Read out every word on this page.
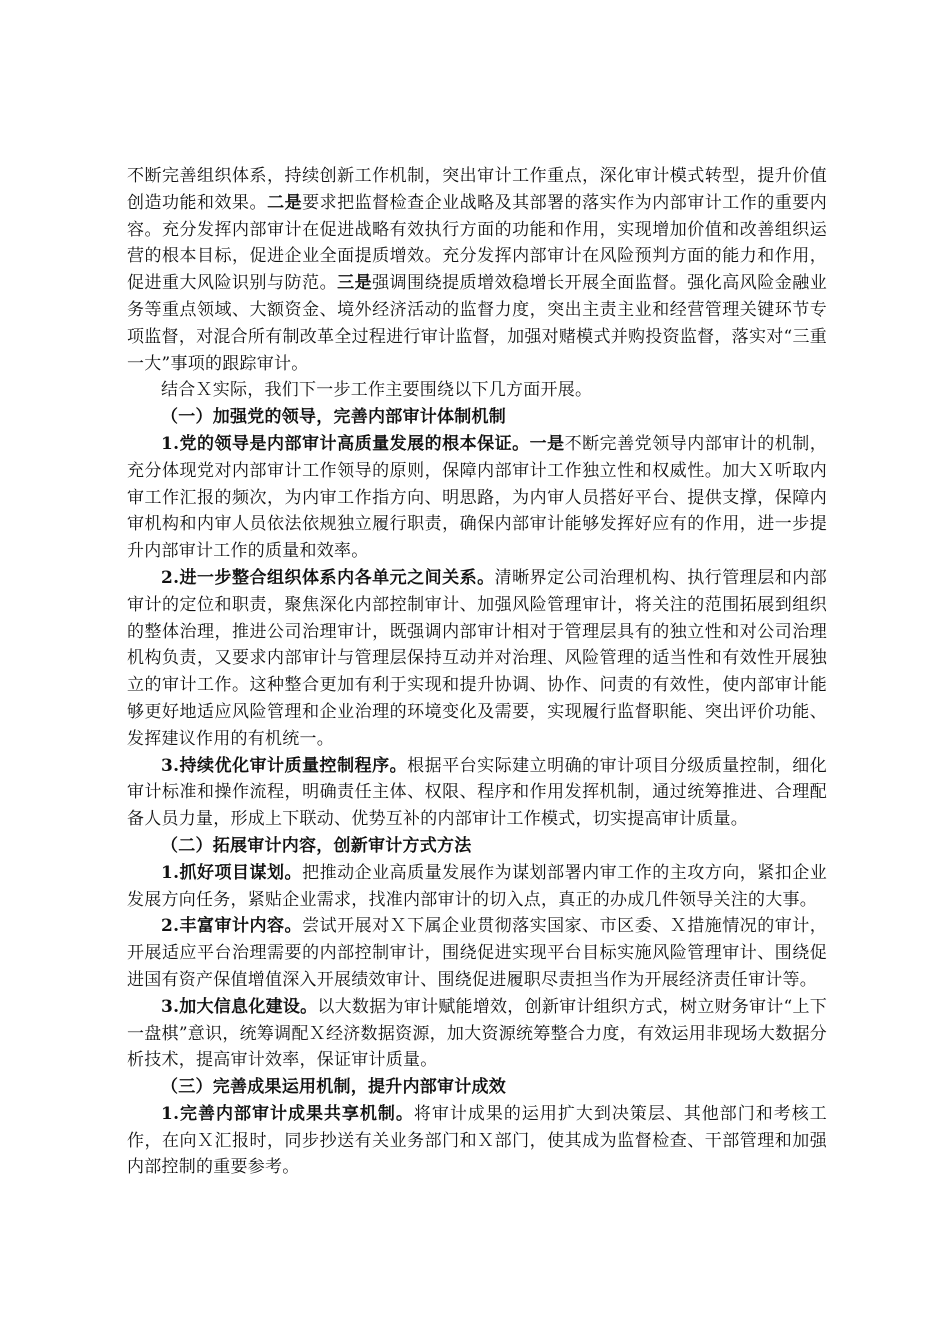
不断完善组织体系，持续创新工作机制，突出审计工作重点，深化审计模式转型，提升价值创造功能和效果。二是要求把监督检查企业战略及其部署的落实作为内部审计工作的重要内容。充分发挥内部审计在促进战略有效执行方面的功能和作用，实现增加价值和改善组织运营的根本目标，促进企业全面提质增效。充分发挥内部审计在风险预判方面的能力和作用，促进重大风险识别与防范。三是强调围绕提质增效稳增长开展全面监督。强化高风险金融业务等重点领域、大额资金、境外经济活动的监督力度，突出主责主业和经营管理关键环节专项监督，对混合所有制改革全过程进行审计监督，加强对赌模式并购投资监督，落实对“三重一大”事项的跟踪审计。

结合Ｘ实际，我们下一步工作主要围绕以下几方面开展。

（一）加强党的领导，完善内部审计体制机制

1.党的领导是内部审计高质量发展的根本保证。一是不断完善党领导内部审计的机制，充分体现党对内部审计工作领导的原则，保障内部审计工作独立性和权威性。加大Ｘ听取内审工作汇报的频次，为内审工作指方向、明思路，为内审人员搭好平台、提供支撑，保障内审机构和内审人员依法依规独立履行职责，确保内部审计能够发挥好应有的作用，进一步提升内部审计工作的质量和效率。

2.进一步整合组织体系内各单元之间关系。清晰界定公司治理机构、执行管理层和内部审计的定位和职责，聚焦深化内部控制审计、加强风险管理审计，将关注的范围拓展到组织的整体治理，推进公司治理审计，既强调内部审计相对于管理层具有的独立性和对公司治理机构负责，又要求内部审计与管理层保持互动并对治理、风险管理的适当性和有效性开展独立的审计工作。这种整合更加有利于实现和提升协调、协作、问责的有效性，使内部审计能够更好地适应风险管理和企业治理的环境变化及需要，实现履行监督职能、突出评价功能、发挥建议作用的有机统一。

3.持续优化审计质量控制程序。根据平台实际建立明确的审计项目分级质量控制，细化审计标准和操作流程，明确责任主体、权限、程序和作用发挥机制，通过统筹推进、合理配备人员力量，形成上下联动、优势互补的内部审计工作模式，切实提高审计质量。

（二）拓展审计内容，创新审计方式方法

1.抓好项目谋划。把推动企业高质量发展作为谋划部署内审工作的主攻方向，紧扣企业发展方向任务，紧贴企业需求，找准内部审计的切入点，真正的办成几件领导关注的大事。

2.丰富审计内容。尝试开展对Ｘ下属企业贯彻落实国家、市区委、Ｘ措施情况的审计，开展适应平台治理需要的内部控制审计，围绕促进实现平台目标实施风险管理审计、围绕促进国有资产保值增值深入开展绩效审计、围绕促进履职尽责担当作为开展经济责任审计等。

3.加大信息化建设。以大数据为审计赋能增效，创新审计组织方式，树立财务审计“上下一盘棋”意识，统筹调配Ｘ经济数据资源，加大资源统筹整合力度，有效运用非现场大数据分析技术，提高审计效率，保证审计质量。

（三）完善成果运用机制，提升内部审计成效

1.完善内部审计成果共享机制。将审计成果的运用扩大到决策层、其他部门和考核工作，在向Ｘ汇报时，同步抄送有关业务部门和Ｘ部门，使其成为监督检查、干部管理和加强内部控制的重要参考。
